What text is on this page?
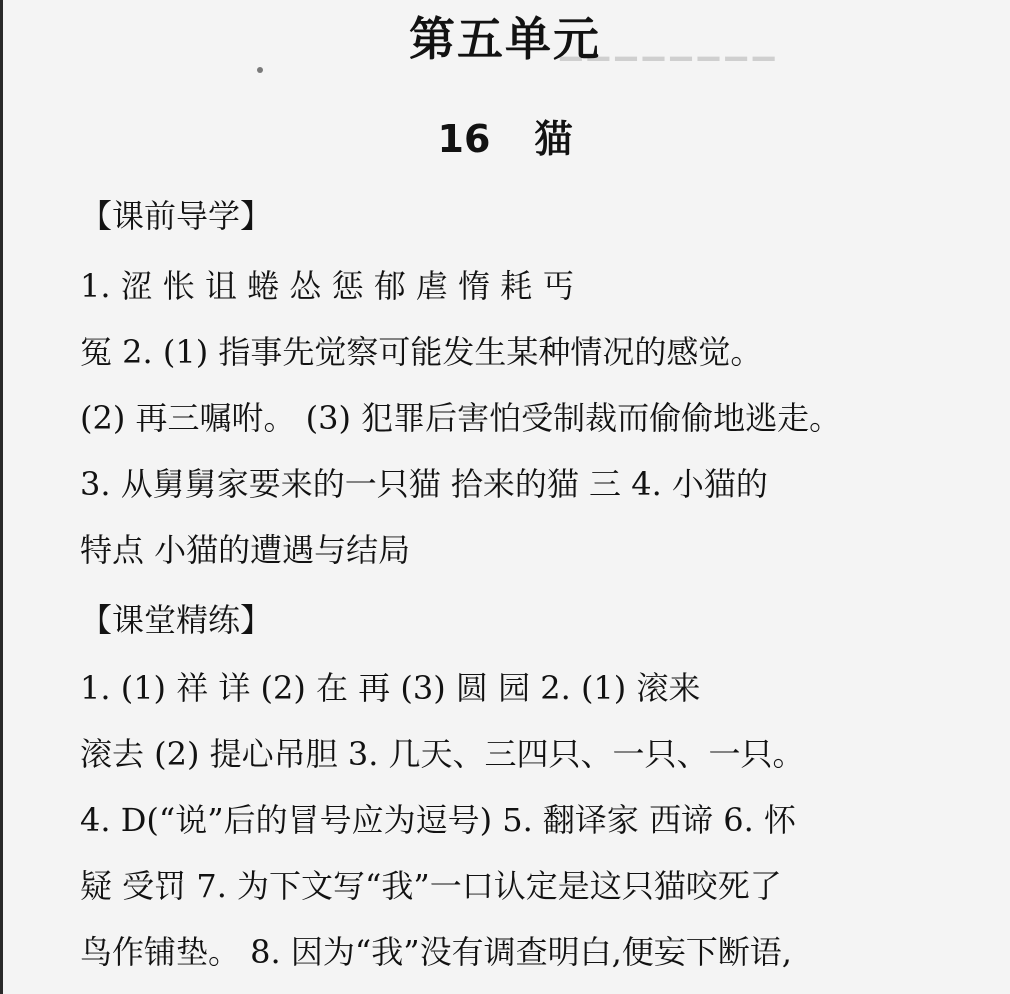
▁▁▁▁▁▁▁▁
第五单元
16 猫
【课前导学】
1. 涩 怅 诅 蜷 怂 惩 郁 虐 惰 耗 丐
冤 2. (1) 指事先觉察可能发生某种情况的感觉。
(2) 再三嘱咐。 (3) 犯罪后害怕受制裁而偷偷地逃走。
3. 从舅舅家要来的一只猫 拾来的猫 三 4. 小猫的
特点 小猫的遭遇与结局
【课堂精练】
1. (1) 祥 详 (2) 在 再 (3) 圆 园 2. (1) 滚来
滚去 (2) 提心吊胆 3. 几天、三四只、一只、一只。
4. D(“说”后的冒号应为逗号) 5. 翻译家 西谛 6. 怀
疑 受罚 7. 为下文写“我”一口认定是这只猫咬死了
鸟作铺垫。 8. 因为“我”没有调查明白,便妄下断语,
